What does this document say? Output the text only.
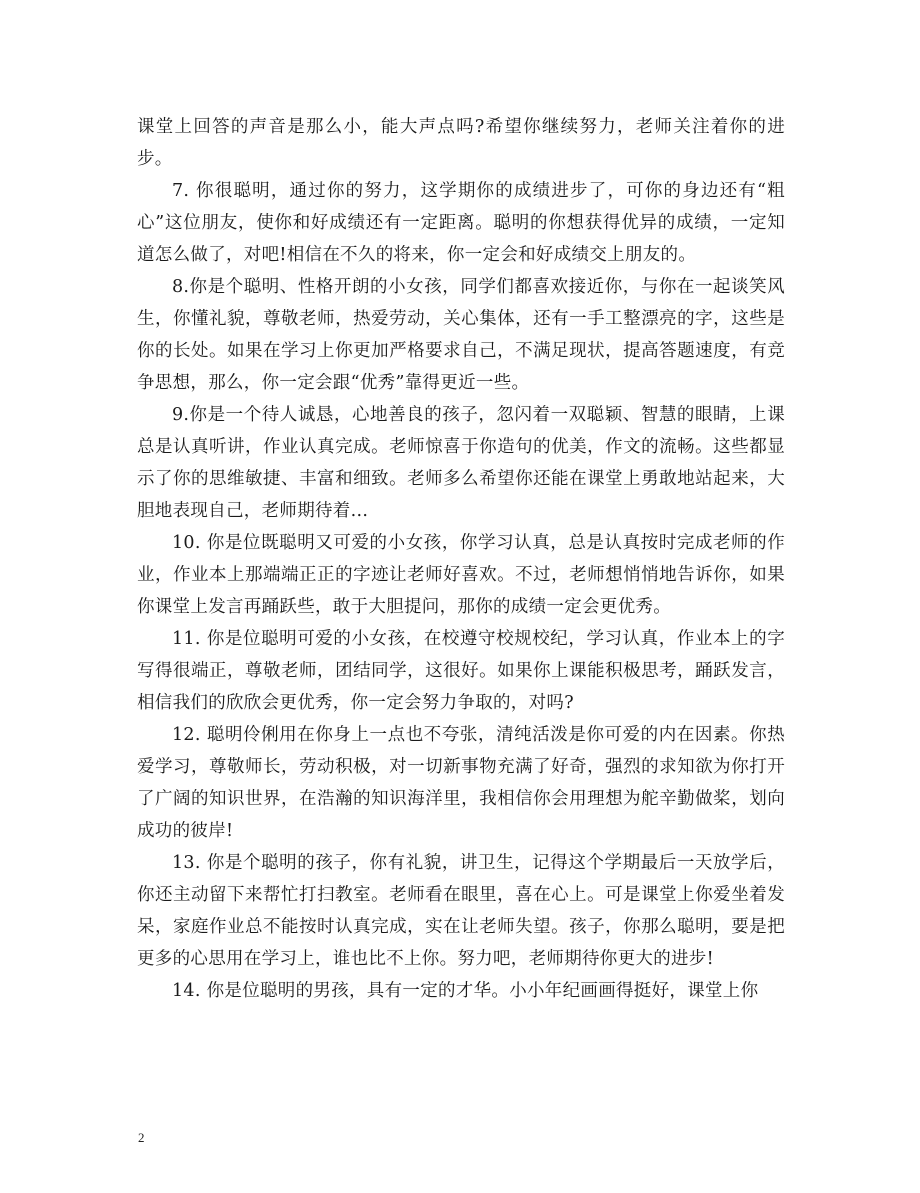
课堂上回答的声音是那么小，能大声点吗?希望你继续努力，老师关注着你的进步。

7. 你很聪明，通过你的努力，这学期你的成绩进步了，可你的身边还有“粗心”这位朋友，使你和好成绩还有一定距离。聪明的你想获得优异的成绩，一定知道怎么做了，对吧!相信在不久的将来，你一定会和好成绩交上朋友的。

8.你是个聪明、性格开朗的小女孩，同学们都喜欢接近你，与你在一起谈笑风生，你懂礼貌，尊敬老师，热爱劳动，关心集体，还有一手工整漂亮的字，这些是你的长处。如果在学习上你更加严格要求自己，不满足现状，提高答题速度，有竞争思想，那么，你一定会跟“优秀”靠得更近一些。

9.你是一个待人诚恳，心地善良的孩子，忽闪着一双聪颖、智慧的眼睛，上课总是认真听讲，作业认真完成。老师惊喜于你造句的优美，作文的流畅。这些都显示了你的思维敏捷、丰富和细致。老师多么希望你还能在课堂上勇敢地站起来，大胆地表现自己，老师期待着...

10. 你是位既聪明又可爱的小女孩，你学习认真，总是认真按时完成老师的作业，作业本上那端端正正的字迹让老师好喜欢。不过，老师想悄悄地告诉你，如果你课堂上发言再踊跃些，敢于大胆提问，那你的成绩一定会更优秀。

11. 你是位聪明可爱的小女孩，在校遵守校规校纪，学习认真，作业本上的字写得很端正，尊敬老师，团结同学，这很好。如果你上课能积极思考，踊跃发言，相信我们的欣欣会更优秀，你一定会努力争取的，对吗?

12. 聪明伶俐用在你身上一点也不夸张，清纯活泼是你可爱的内在因素。你热爱学习，尊敬师长，劳动积极，对一切新事物充满了好奇，强烈的求知欲为你打开了广阔的知识世界，在浩瀚的知识海洋里，我相信你会用理想为舵辛勤做桨，划向成功的彼岸!

13. 你是个聪明的孩子，你有礼貌，讲卫生，记得这个学期最后一天放学后，你还主动留下来帮忙打扫教室。老师看在眼里，喜在心上。可是课堂上你爱坐着发呆，家庭作业总不能按时认真完成，实在让老师失望。孩子，你那么聪明，要是把更多的心思用在学习上，谁也比不上你。努力吧，老师期待你更大的进步!

14. 你是位聪明的男孩，具有一定的才华。小小年纪画画得挺好，课堂上你

2
